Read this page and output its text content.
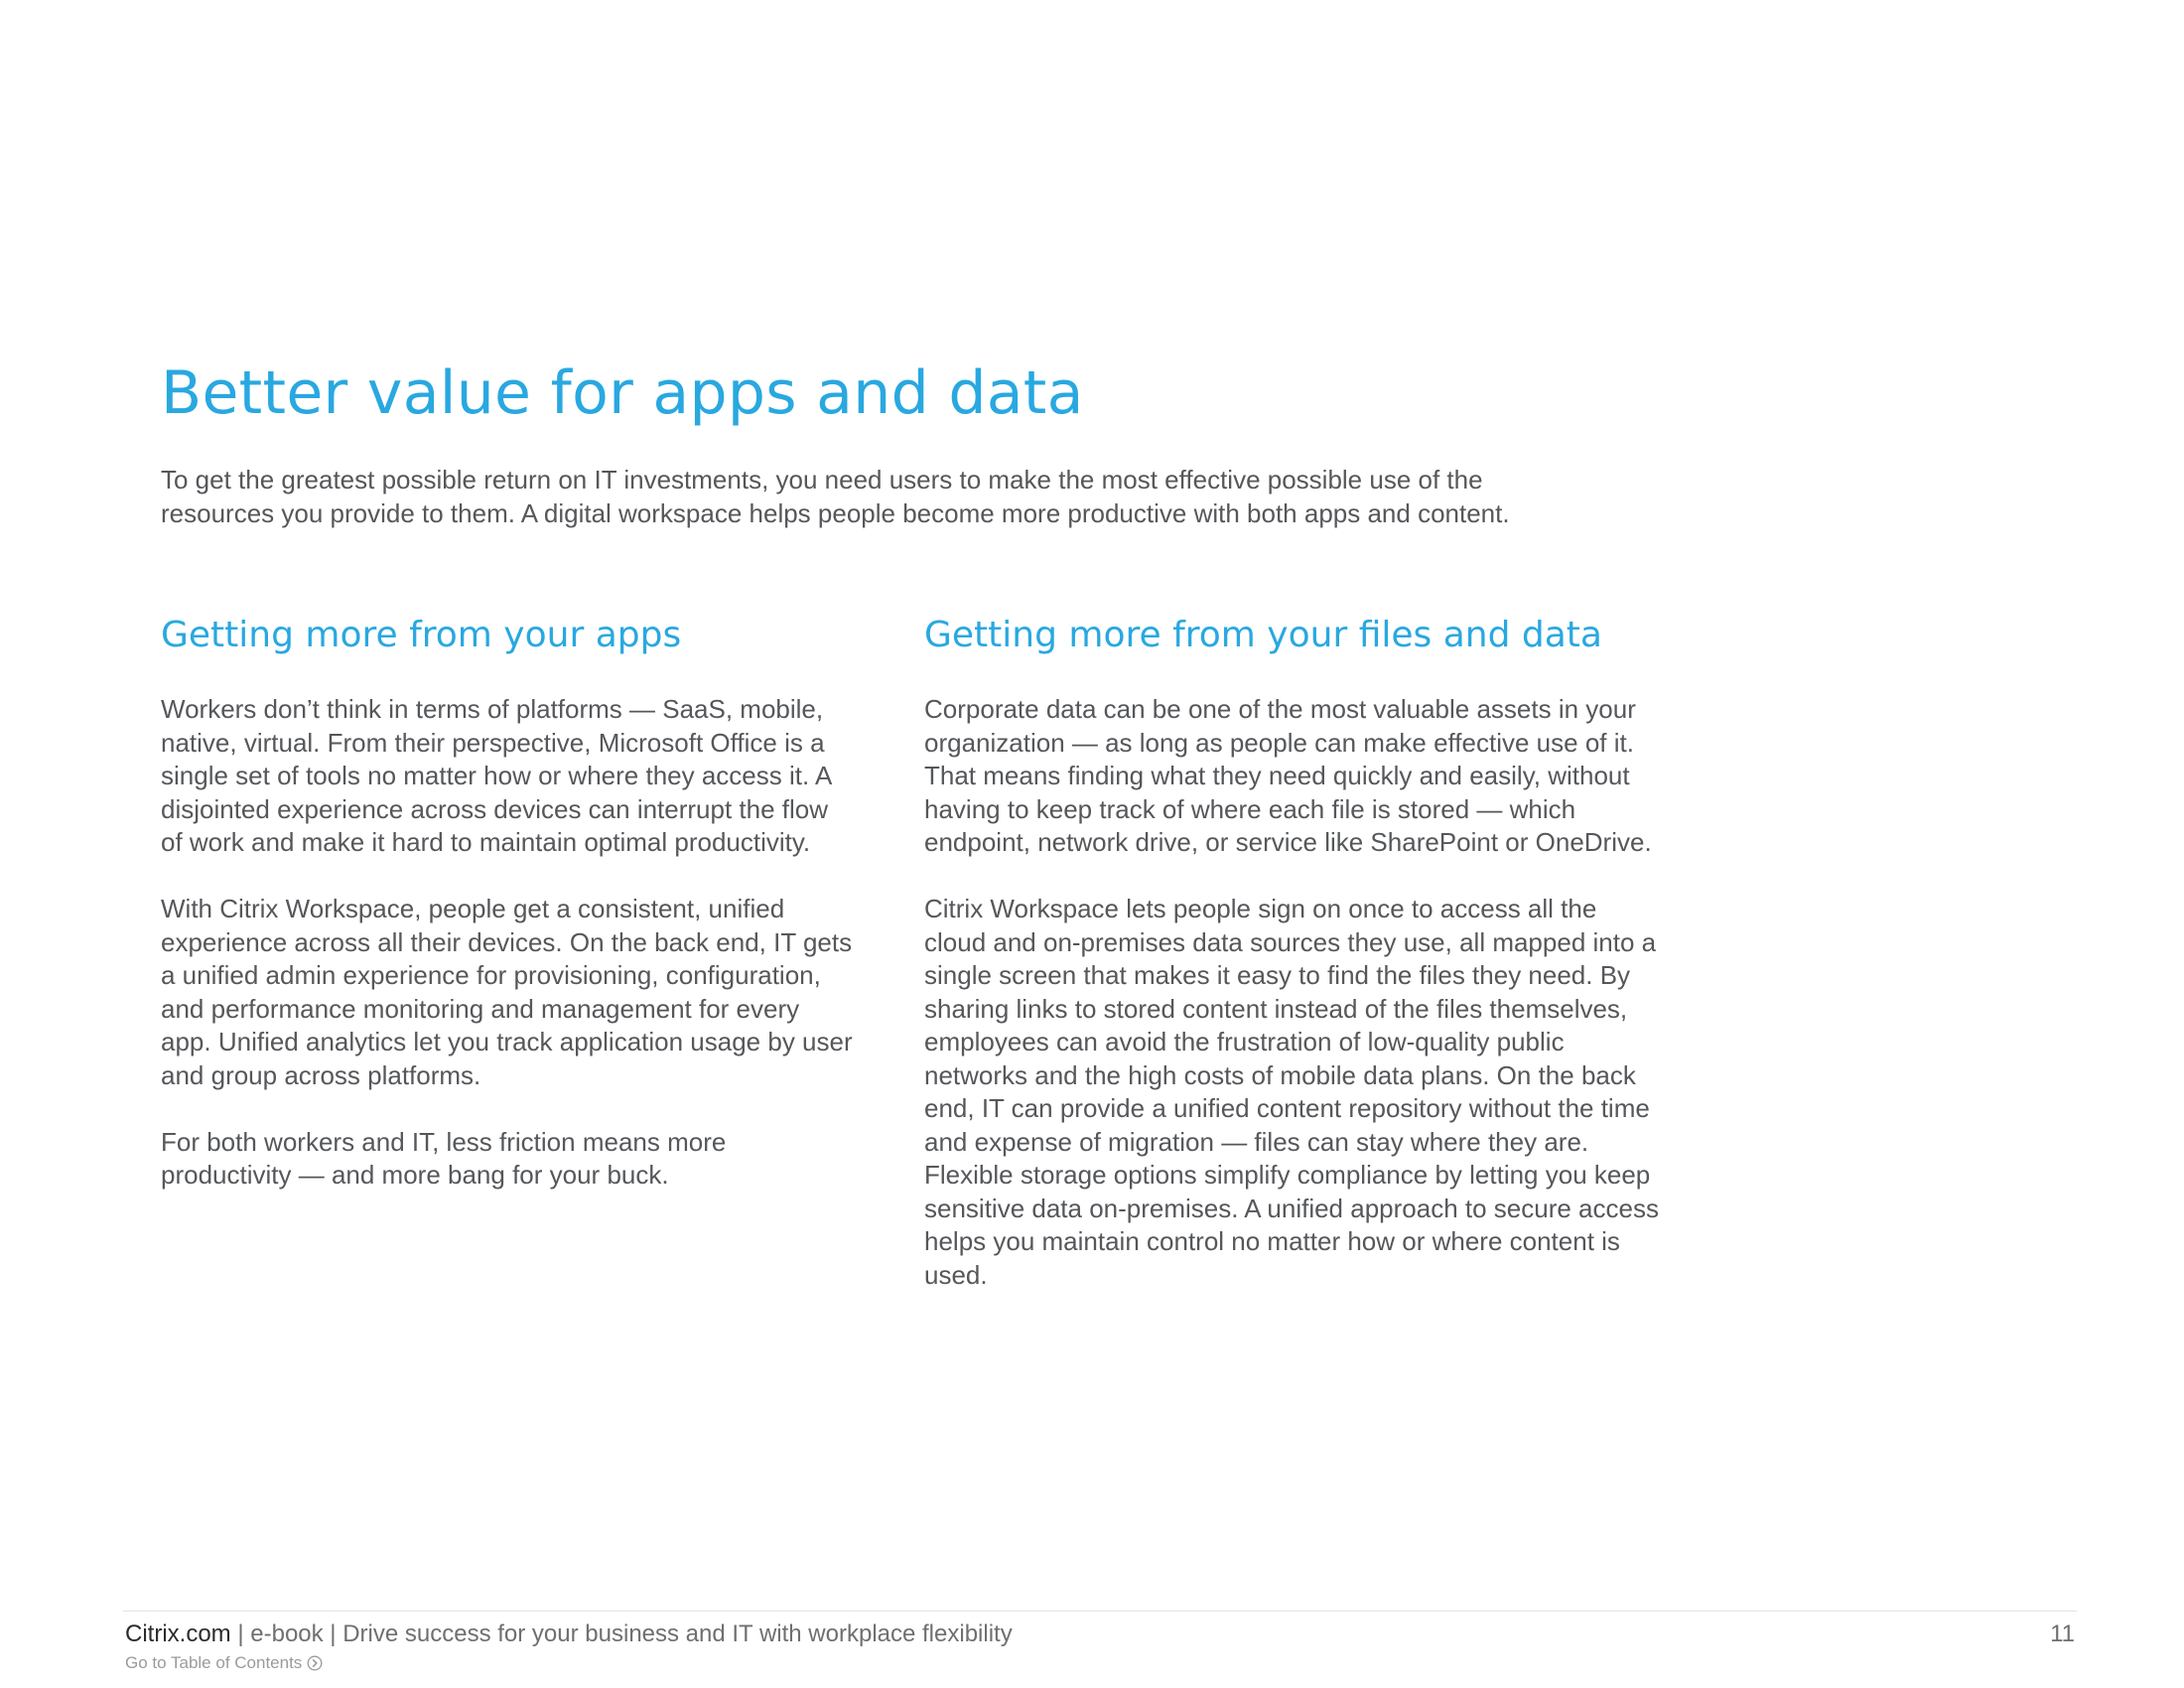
Better value for apps and data

To get the greatest possible return on IT investments, you need users to make the most effective possible use of the resources you provide to them. A digital workspace helps people become more productive with both apps and content.

Getting more from your apps

Workers don’t think in terms of platforms — SaaS, mobile, native, virtual. From their perspective, Microsoft Office is a single set of tools no matter how or where they access it. A disjointed experience across devices can interrupt the flow of work and make it hard to maintain optimal productivity.

With Citrix Workspace, people get a consistent, unified experience across all their devices. On the back end, IT gets a unified admin experience for provisioning, configuration, and performance monitoring and management for every app. Unified analytics let you track application usage by user and group across platforms.

For both workers and IT, less friction means more productivity — and more bang for your buck.

Getting more from your files and data

Corporate data can be one of the most valuable assets in your organization — as long as people can make effective use of it. That means finding what they need quickly and easily, without having to keep track of where each file is stored — which endpoint, network drive, or service like SharePoint or OneDrive.

Citrix Workspace lets people sign on once to access all the cloud and on-premises data sources they use, all mapped into a single screen that makes it easy to find the files they need. By sharing links to stored content instead of the files themselves, employees can avoid the frustration of low-quality public networks and the high costs of mobile data plans. On the back end, IT can provide a unified content repository without the time and expense of migration — files can stay where they are. Flexible storage options simplify compliance by letting you keep sensitive data on-premises. A unified approach to secure access helps you maintain control no matter how or where content is used.

Citrix.com | e-book | Drive success for your business and IT with workplace flexibility	11
Go to Table of Contents
